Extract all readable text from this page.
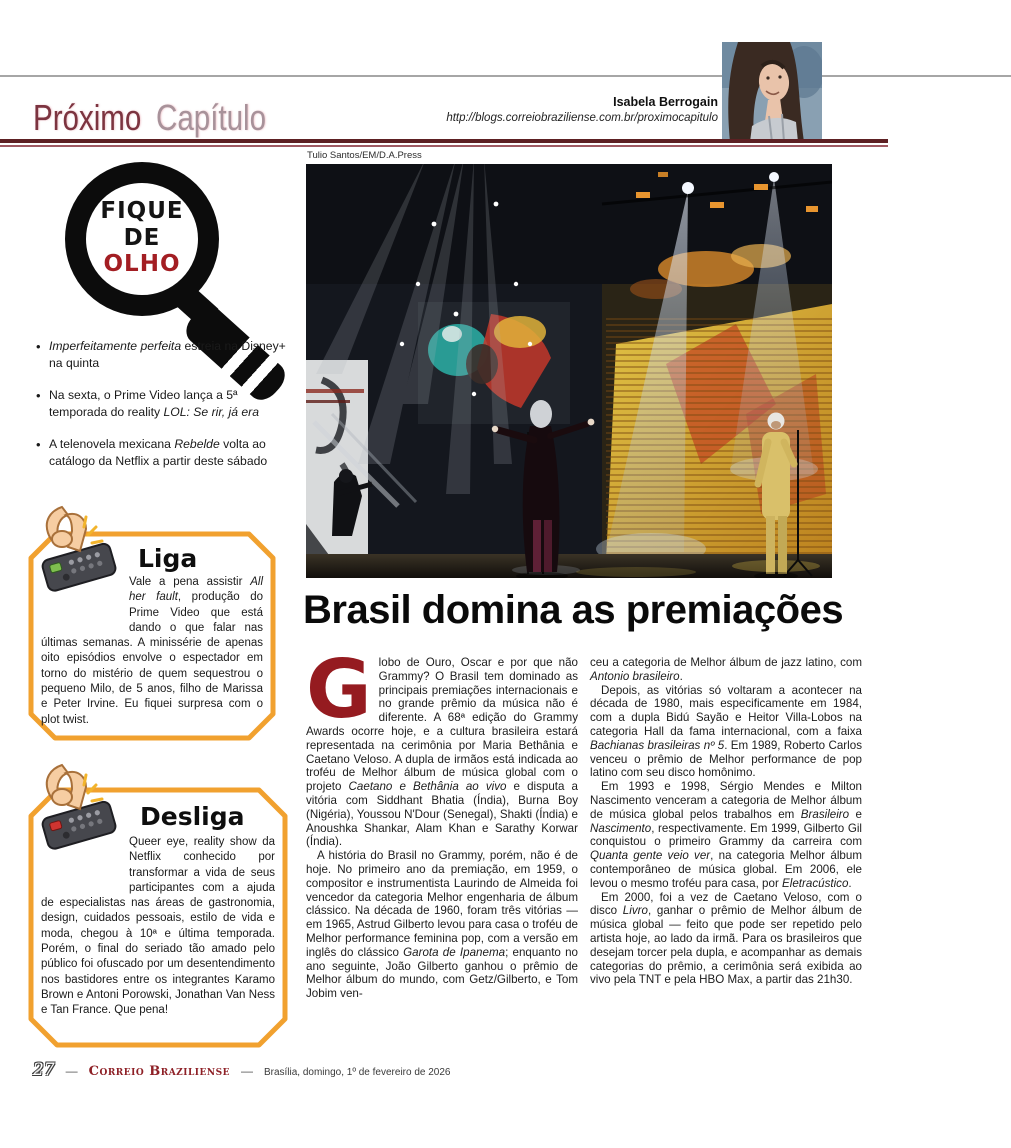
Próximo Capítulo	Isabela Berrogain
http://blogs.correiobraziliense.com.br/proximocapitulo
FIQUE
DE
OLHO
• Imperfeitamente perfeita estreia na Disney+ na quinta
• Na sexta, o Prime Video lança a 5ª temporada do reality LOL: Se rir, já era
• A telenovela mexicana Rebelde volta ao catálogo da Netflix a partir deste sábado
Liga
Vale a pena assistir All her fault, produção do Prime Video que está dando o que falar nas últimas semanas. A minissérie de apenas oito episódios envolve o espectador em torno do mistério de quem sequestrou o pequeno Milo, de 5 anos, filho de Marissa e Peter Irvine. Eu fiquei surpresa com o plot twist.
Desliga
Queer eye, reality show da Netflix conhecido por transformar a vida de seus participantes com a ajuda de especialistas nas áreas de gastronomia, design, cuidados pessoais, estilo de vida e moda, chegou à 10ª e última temporada. Porém, o final do seriado tão amado pelo público foi ofuscado por um desentendimento nos bastidores entre os integrantes Karamo Brown e Antoni Porowski, Jonathan Van Ness e Tan France. Que pena!
Tulio Santos/EM/D.A.Press
Brasil domina as premiações

Globo de Ouro, Oscar e por que não Grammy? O Brasil tem dominado as principais premiações internacionais e no grande prêmio da música não é diferente. A 68ª edição do Grammy Awards ocorre hoje, e a cultura brasileira estará representada na cerimônia por Maria Bethânia e Caetano Veloso. A dupla de irmãos está indicada ao troféu de Melhor álbum de música global com o projeto Caetano e Bethânia ao vivo e disputa a vitória com Siddhant Bhatia (Índia), Burna Boy (Nigéria), Youssou N'Dour (Senegal), Shakti (Índia) e Anoushka Shankar, Alam Khan e Sarathy Korwar (Índia).

A história do Brasil no Grammy, porém, não é de hoje. No primeiro ano da premiação, em 1959, o compositor e instrumentista Laurindo de Almeida foi vencedor da categoria Melhor engenharia de álbum clássico. Na década de 1960, foram três vitórias — em 1965, Astrud Gilberto levou para casa o troféu de Melhor performance feminina pop, com a versão em inglês do clássico Garota de Ipanema; enquanto no ano seguinte, João Gilberto ganhou o prêmio de Melhor álbum do mundo, com Getz/Gilberto, e Tom Jobim ven-

ceu a categoria de Melhor álbum de jazz latino, com Antonio brasileiro.

Depois, as vitórias só voltaram a acontecer na década de 1980, mais especificamente em 1984, com a dupla Bidú Sayão e Heitor Villa-Lobos na categoria Hall da fama internacional, com a faixa Bachianas brasileiras nº 5. Em 1989, Roberto Carlos venceu o prêmio de Melhor performance de pop latino com seu disco homônimo.

Em 1993 e 1998, Sérgio Mendes e Milton Nascimento venceram a categoria de Melhor álbum de música global pelos trabalhos em Brasileiro e Nascimento, respectivamente. Em 1999, Gilberto Gil conquistou o primeiro Grammy da carreira com Quanta gente veio ver, na categoria Melhor álbum contemporâneo de música global. Em 2006, ele levou o mesmo troféu para casa, por Eletracústico.

Em 2000, foi a vez de Caetano Veloso, com o disco Livro, ganhar o prêmio de Melhor álbum de música global — feito que pode ser repetido pelo artista hoje, ao lado da irmã. Para os brasileiros que desejam torcer pela dupla, e acompanhar as demais categorias do prêmio, a cerimônia será exibida ao vivo pela TNT e pela HBO Max, a partir das 21h30.

27 — Correio Braziliense — Brasília, domingo, 1º de fevereiro de 2026
